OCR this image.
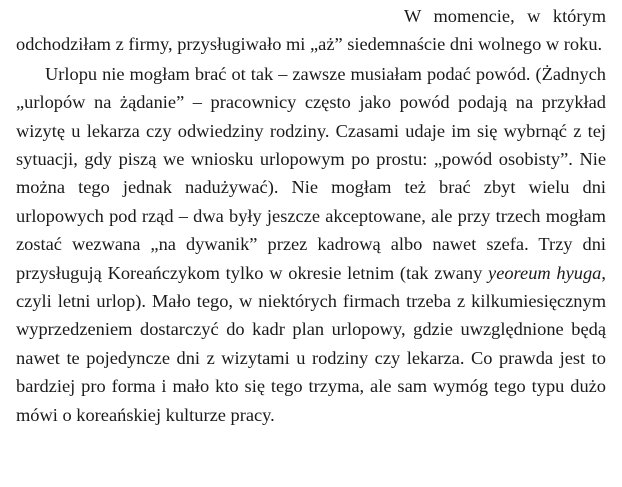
W momencie, w którym odchodziłam z firmy, przysługiwało mi „aż” siedemnaście dni wolnego w roku.

Urlopu nie mogłam brać ot tak – zawsze musiałam podać powód. (Żadnych „urlopów na żądanie” – pracownicy często jako powód podają na przykład wizytę u lekarza czy odwiedziny rodziny. Czasami udaje im się wybrnąć z tej sytuacji, gdy piszą we wniosku urlopowym po prostu: „powód osobisty”. Nie można tego jednak nadużywać). Nie mogłam też brać zbyt wielu dni urlopowych pod rząd – dwa były jeszcze akceptowane, ale przy trzech mogłam zostać wezwana „na dywanik” przez kadrową albo nawet szefa. Trzy dni przysługują Koreańczykom tylko w okresie letnim (tak zwany yeoreum hyuga, czyli letni urlop). Mało tego, w niektórych firmach trzeba z kilkumiesięcznym wyprzedzeniem dostarczyć do kadr plan urlopowy, gdzie uwzględnione będą nawet te pojedyncze dni z wizytami u rodziny czy lekarza. Co prawda jest to bardziej pro forma i mało kto się tego trzyma, ale sam wymóg tego typu dużo mówi o koreańskiej kulturze pracy.
